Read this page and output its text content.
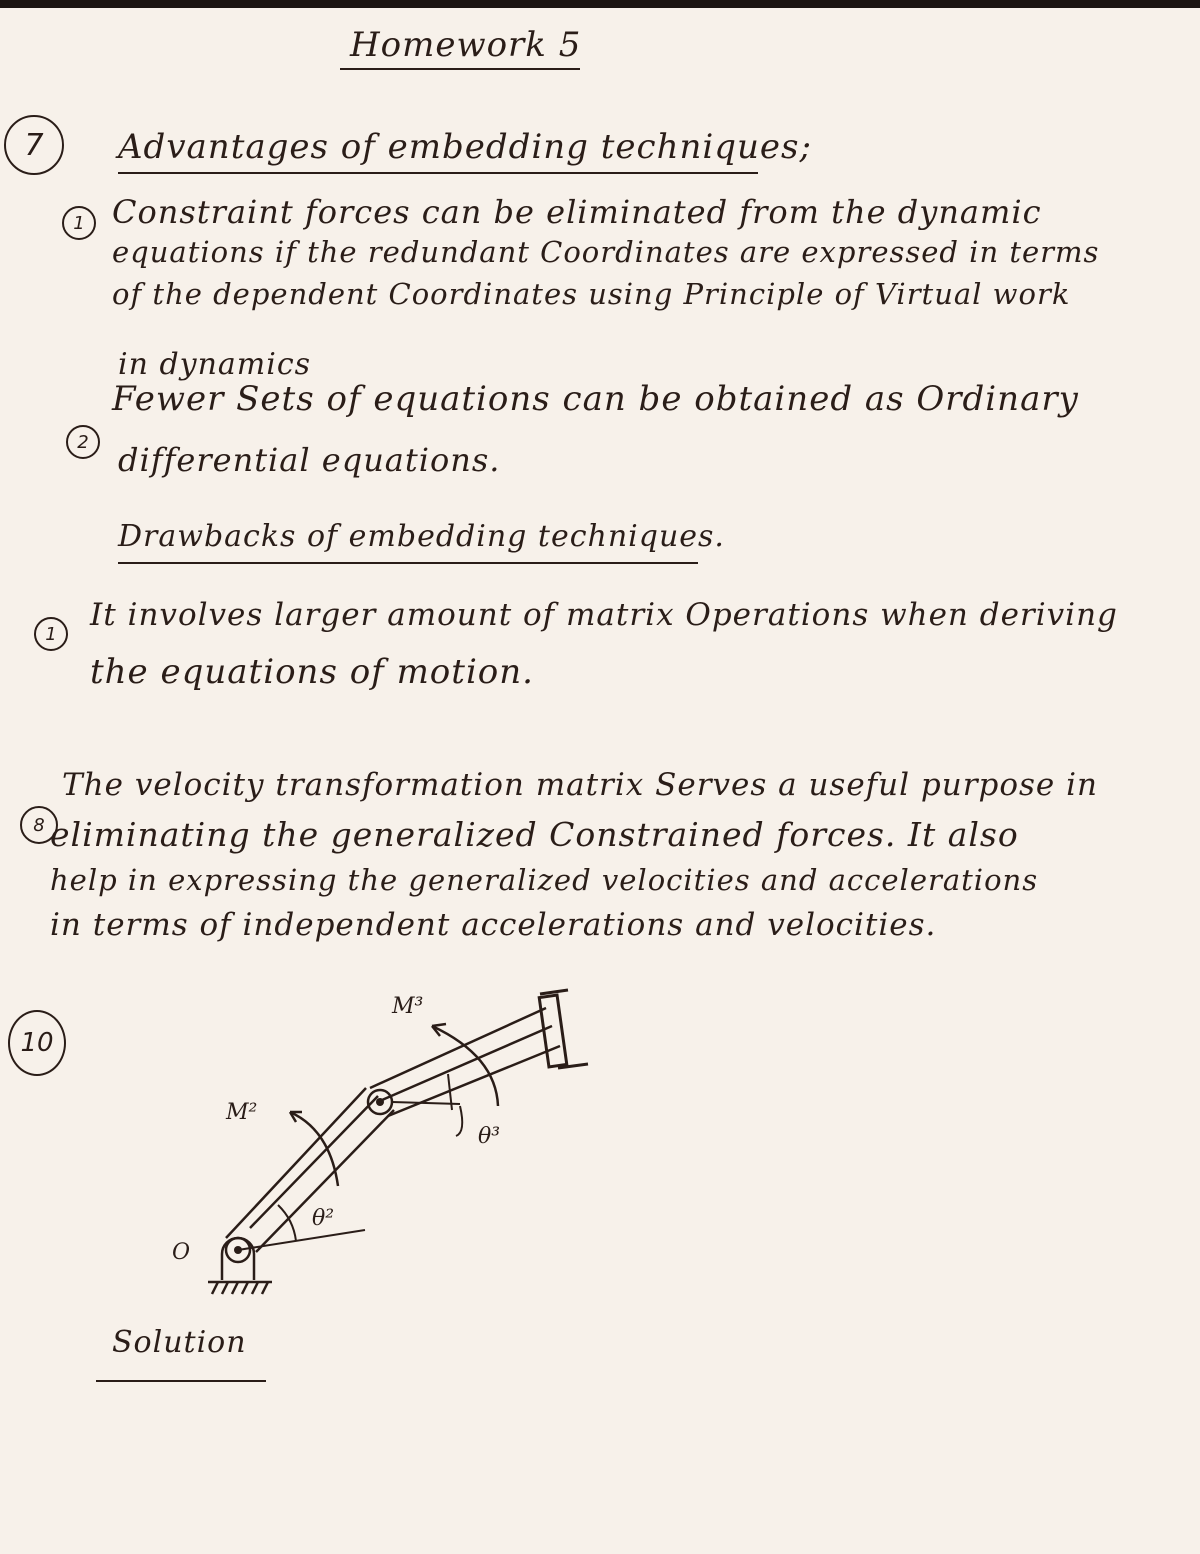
Homework 5
7 Advantages of embedding techniques;
1 Constraint forces can be eliminated from the dynamic
equations if the redundant Coordinates are expressed in terms
of the dependent Coordinates using Principle of Virtual work
in dynamics
2
Fewer Sets of equations can be obtained as Ordinary
differential equations.
Drawbacks of embedding techniques.
1
It involves larger amount of matrix Operations when deriving
the equations of motion.
8
The velocity transformation matrix Serves a useful purpose in
eliminating the generalized Constrained forces. It also
help in expressing the generalized velocities and accelerations
in terms of independent accelerations and velocities.
10
O
M²
M³
θ²
θ³
Solution
